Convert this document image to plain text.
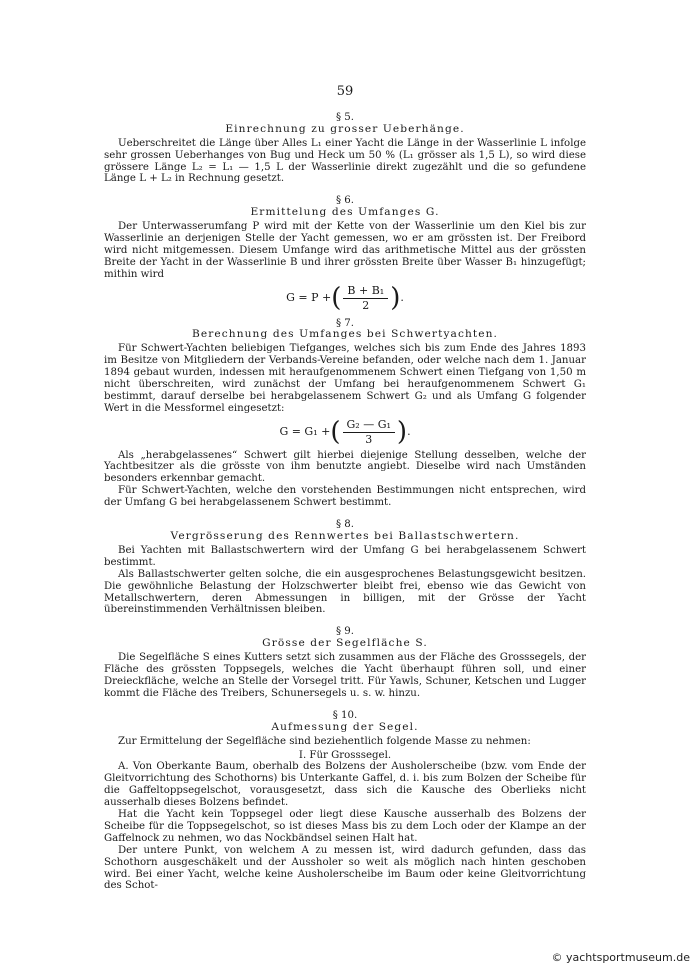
59
§ 5.
Einrechnung zu grosser Ueberhänge.

Ueberschreitet die Länge über Alles L₁ einer Yacht die Länge in der Wasserlinie L infolge sehr grossen Ueberhanges von Bug und Heck um 50 % (L₁ grösser als 1,5 L), so wird diese grössere Länge L₂ = L₁ — 1,5 L der Wasserlinie direkt zugezählt und die so gefundene Länge L + L₂ in Rechnung gesetzt.

§ 6.
Ermittelung des Umfanges G.

Der Unterwasserumfang P wird mit der Kette von der Wasserlinie um den Kiel bis zur Wasserlinie an derjenigen Stelle der Yacht gemessen, wo er am grössten ist. Der Freibord wird nicht mitgemessen. Diesem Umfange wird das arithmetische Mittel aus der grössten Breite der Yacht in der Wasserlinie B und ihrer grössten Breite über Wasser B₁ hinzugefügt; mithin wird

G = P + ( $\frac{\text{B + B₁}}{2}$ ) .
§ 7.
Berechnung des Umfanges bei Schwertyachten.

Für Schwert-Yachten beliebigen Tiefganges, welches sich bis zum Ende des Jahres 1893 im Besitze von Mitgliedern der Verbands-Vereine befanden, oder welche nach dem 1. Januar 1894 gebaut wurden, indessen mit heraufgenommenem Schwert einen Tiefgang von 1,50 m nicht überschreiten, wird zunächst der Umfang bei heraufgenommenem Schwert G₁ bestimmt, darauf derselbe bei herabgelassenem Schwert G₂ und als Umfang G folgender Wert in die Messformel eingesetzt:

G = G₁ + ( $\frac{\text{G₂ — G₁}}{3}$ ) .

Als „herabgelassenes“ Schwert gilt hierbei diejenige Stellung desselben, welche der Yachtbesitzer als die grösste von ihm benutzte angiebt. Dieselbe wird nach Umständen besonders erkennbar gemacht.

Für Schwert-Yachten, welche den vorstehenden Bestimmungen nicht entsprechen, wird der Umfang G bei herabgelassenem Schwert bestimmt.

§ 8.
Vergrösserung des Rennwertes bei Ballastschwertern.

Bei Yachten mit Ballastschwertern wird der Umfang G bei herabgelassenem Schwert bestimmt.

Als Ballastschwerter gelten solche, die ein ausgesprochenes Belastungsgewicht besitzen. Die gewöhnliche Belastung der Holzschwerter bleibt frei, ebenso wie das Gewicht von Metallschwertern, deren Abmessungen in billigen, mit der Grösse der Yacht übereinstimmenden Verhältnissen bleiben.

§ 9.
Grösse der Segelfläche S.

Die Segelfläche S eines Kutters setzt sich zusammen aus der Fläche des Grosssegels, der Fläche des grössten Toppsegels, welches die Yacht überhaupt führen soll, und einer Dreieckfläche, welche an Stelle der Vorsegel tritt. Für Yawls, Schuner, Ketschen und Lugger kommt die Fläche des Treibers, Schunersegels u. s. w. hinzu.

§ 10.
Aufmessung der Segel.

Zur Ermittelung der Segelfläche sind beziehentlich folgende Masse zu nehmen:

I. Für Grosssegel.

A. Von Oberkante Baum, oberhalb des Bolzens der Ausholerscheibe (bzw. vom Ende der Gleitvorrichtung des Schothorns) bis Unterkante Gaffel, d. i. bis zum Bolzen der Scheibe für die Gaffeltoppsegelschot, vorausgesetzt, dass sich die Kausche des Oberlieks nicht ausserhalb dieses Bolzens befindet.

Hat die Yacht kein Toppsegel oder liegt diese Kausche ausserhalb des Bolzens der Scheibe für die Toppsegelschot, so ist dieses Mass bis zu dem Loch oder der Klampe an der Gaffelnock zu nehmen, wo das Nockbändsel seinen Halt hat.

Der untere Punkt, von welchem A zu messen ist, wird dadurch gefunden, dass das Schothorn ausgeschäkelt und der Aussholer so weit als möglich nach hinten geschoben wird. Bei einer Yacht, welche keine Ausholerscheibe im Baum oder keine Gleitvorrichtung des Schot-

© yachtsportmuseum.de
